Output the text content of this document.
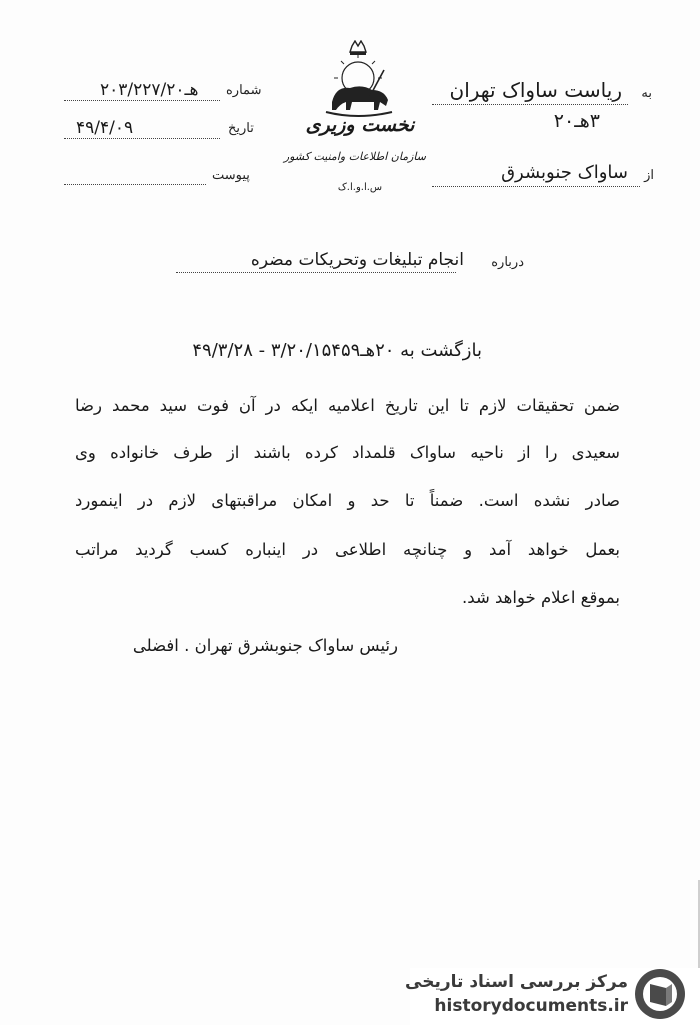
به
ریاست ساواک تهران
۳هـ۲۰
از
ساواک جنوبشرق
شماره
۲۰هـ۳/۲۲۷/۲۰
تاریخ
۴۹/۴/۰۹
پیوست
نخست وزیری
سازمان اطلاعات وامنیت کشور
س.ا.و.ا.ک
درباره
انجام تبلیغات وتحریکات مضره
بازگشت به ۲۰هـ۳/۲۰/۱۵۴۵۹ - ۴۹/۳/۲۸
ضمن تحقیقات لازم تا این تاریخ اعلامیه ایکه در آن فوت سید محمد رضا
سعیدی را از ناحیه ساواک قلمداد کرده باشند از طرف خانواده وی
صادر نشده است. ضمناً تا حد و امکان مراقبتهای لازم در اینمورد
بعمل خواهد آمد و چنانچه اطلاعی در اینباره کسب گردید مراتب
بموقع اعلام خواهد شد.
رئیس ساواک جنوبشرق تهران . افضلی
مرکز بررسی اسناد تاریخی
historydocuments.ir
